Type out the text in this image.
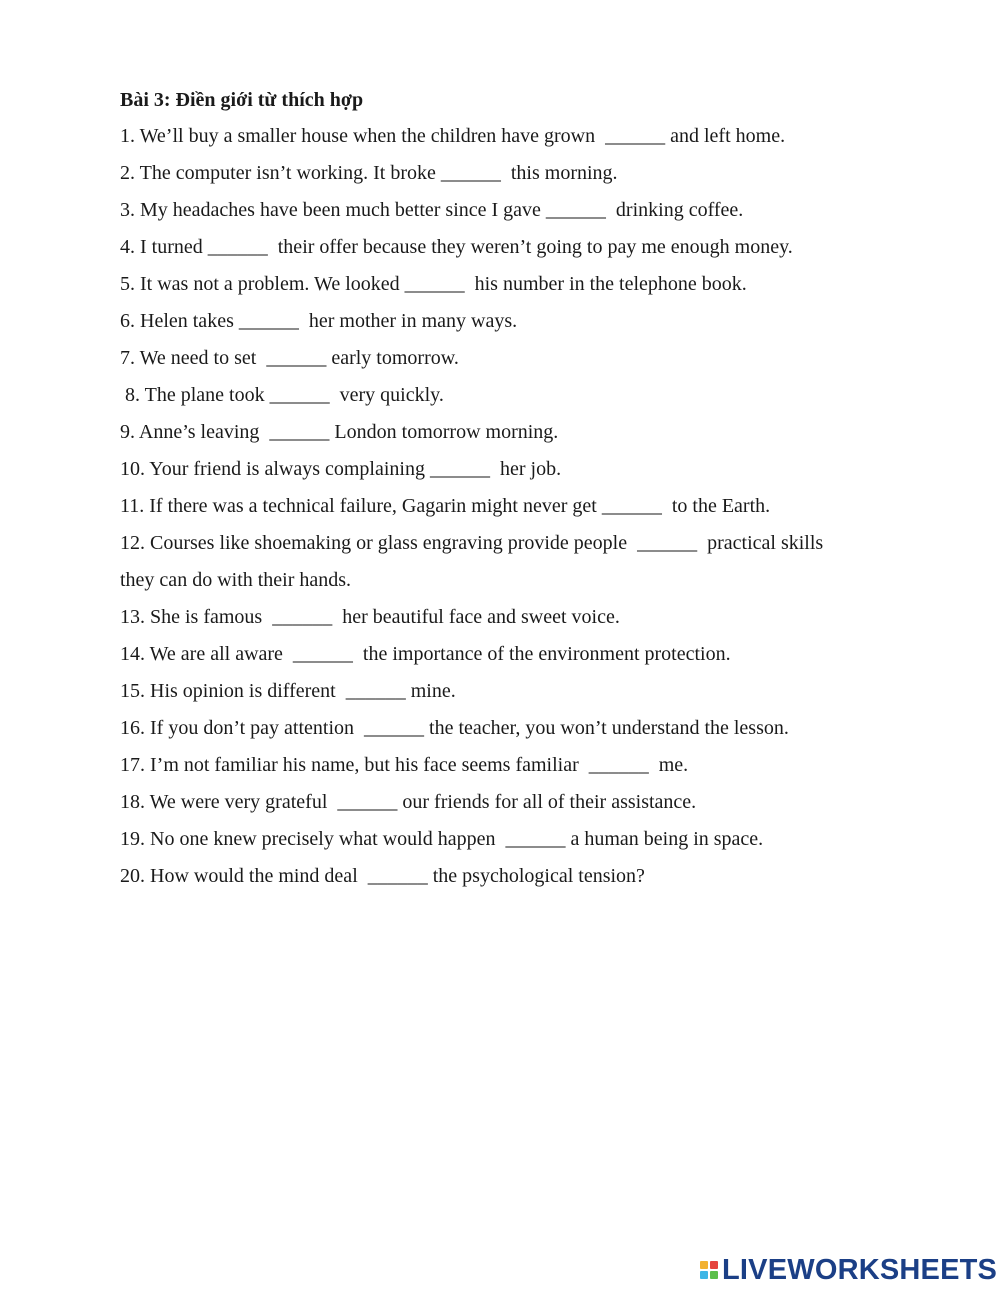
Bài 3: Điền giới từ thích hợp
1. We’ll buy a smaller house when the children have grown  ______ and left home.
2. The computer isn’t working. It broke ______  this morning.
3. My headaches have been much better since I gave ______  drinking coffee.
4. I turned ______  their offer because they weren’t going to pay me enough money.
5. It was not a problem. We looked ______  his number in the telephone book.
6. Helen takes ______  her mother in many ways.
7. We need to set  ______ early tomorrow.
8. The plane took ______  very quickly.
9. Anne’s leaving  ______ London tomorrow morning.
10. Your friend is always complaining ______  her job.
11. If there was a technical failure, Gagarin might never get ______  to the Earth.
12. Courses like shoemaking or glass engraving provide people  ______  practical skills
they can do with their hands.
13. She is famous  ______  her beautiful face and sweet voice.
14. We are all aware  ______  the importance of the environment protection.
15. His opinion is different  ______ mine.
16. If you don’t pay attention  ______ the teacher, you won’t understand the lesson.
17. I’m not familiar his name, but his face seems familiar  ______  me.
18. We were very grateful  ______ our friends for all of their assistance.
19. No one knew precisely what would happen  ______ a human being in space.
20. How would the mind deal  ______ the psychological tension?
LIVEWORKSHEETS
